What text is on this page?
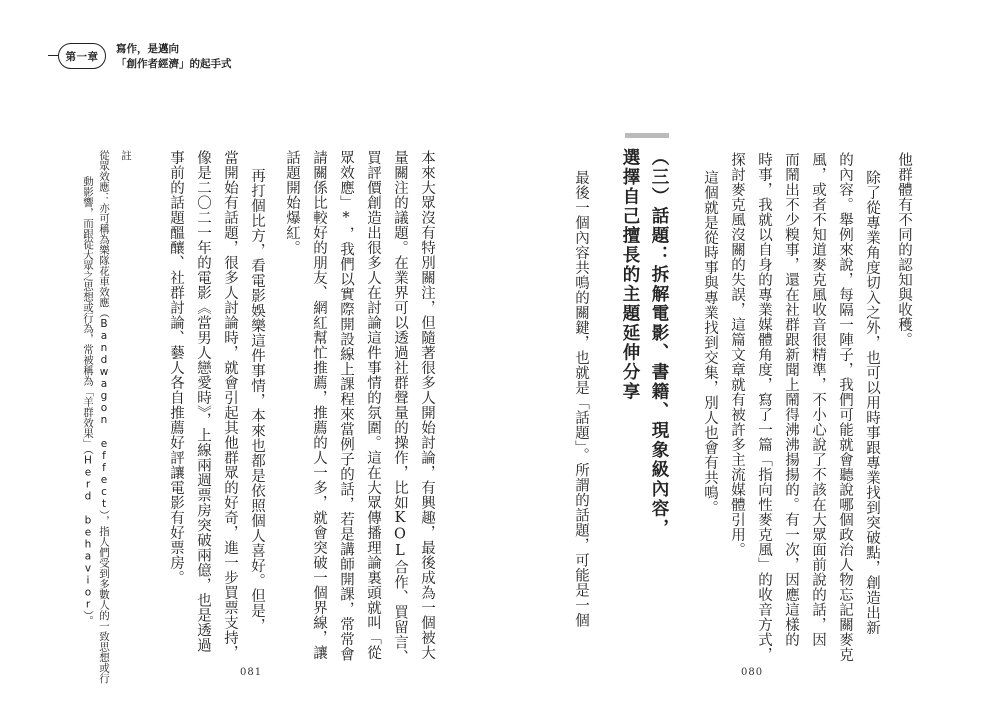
第一章
寫作，是邁向
「創作者經濟」的起手式
本來大眾沒有特別關注，但隨著很多人開始討論，有興趣，最後成為一個被大
量關注的議題。在業界可以透過社群聲量的操作，比如KOL合作、買留言、
買評價創造出很多人在討論這件事情的氛圍。這在大眾傳播理論裏頭就叫「從
眾效應」*，我們以實際開設線上課程來當例子的話，若是講師開課，常常會
請關係比較好的朋友、網紅幫忙推薦，推薦的人一多，就會突破一個界線，讓
話題開始爆紅。
再打個比方，看電影娛樂這件事情，本來也都是依照個人喜好。但是，
當開始有話題，很多人討論時，就會引起其他群眾的好奇，進一步買票支持，
像是二〇二一年的電影《當男人戀愛時》，上線兩週票房突破兩億，也是透過
事前的話題醞釀、社群討論、藝人各自推薦好評讓電影有好票房。
註
從眾效應：亦可稱為樂隊花車效應（Bandwagon effect），指人們受到多數人的一致思想或行
動影響，而跟從大眾之思想或行為，常被稱為「羊群效果」（Herd behavior）。
081
他群體有不同的認知與收穫。
除了從專業角度切入之外，也可以用時事跟專業找到突破點，創造出新
的內容。舉例來說，每隔一陣子，我們可能就會聽說哪個政治人物忘記關麥克
風，或者不知道麥克風收音很精準，不小心說了不該在大眾面前說的話，因
而鬧出不少糗事，還在社群跟新聞上鬧得沸沸揚揚的。有一次，因應這樣的
時事，我就以自身的專業媒體角度，寫了一篇「指向性麥克風」的收音方式，
探討麥克風沒關的失誤，這篇文章就有被許多主流媒體引用。
這個就是從時事與專業找到交集，別人也會有共鳴。
（三）話題：拆解電影、書籍、現象級內容，
選擇自己擅長的主題延伸分享
最後一個內容共鳴的關鍵，也就是「話題」。所謂的話題，可能是一個
080
